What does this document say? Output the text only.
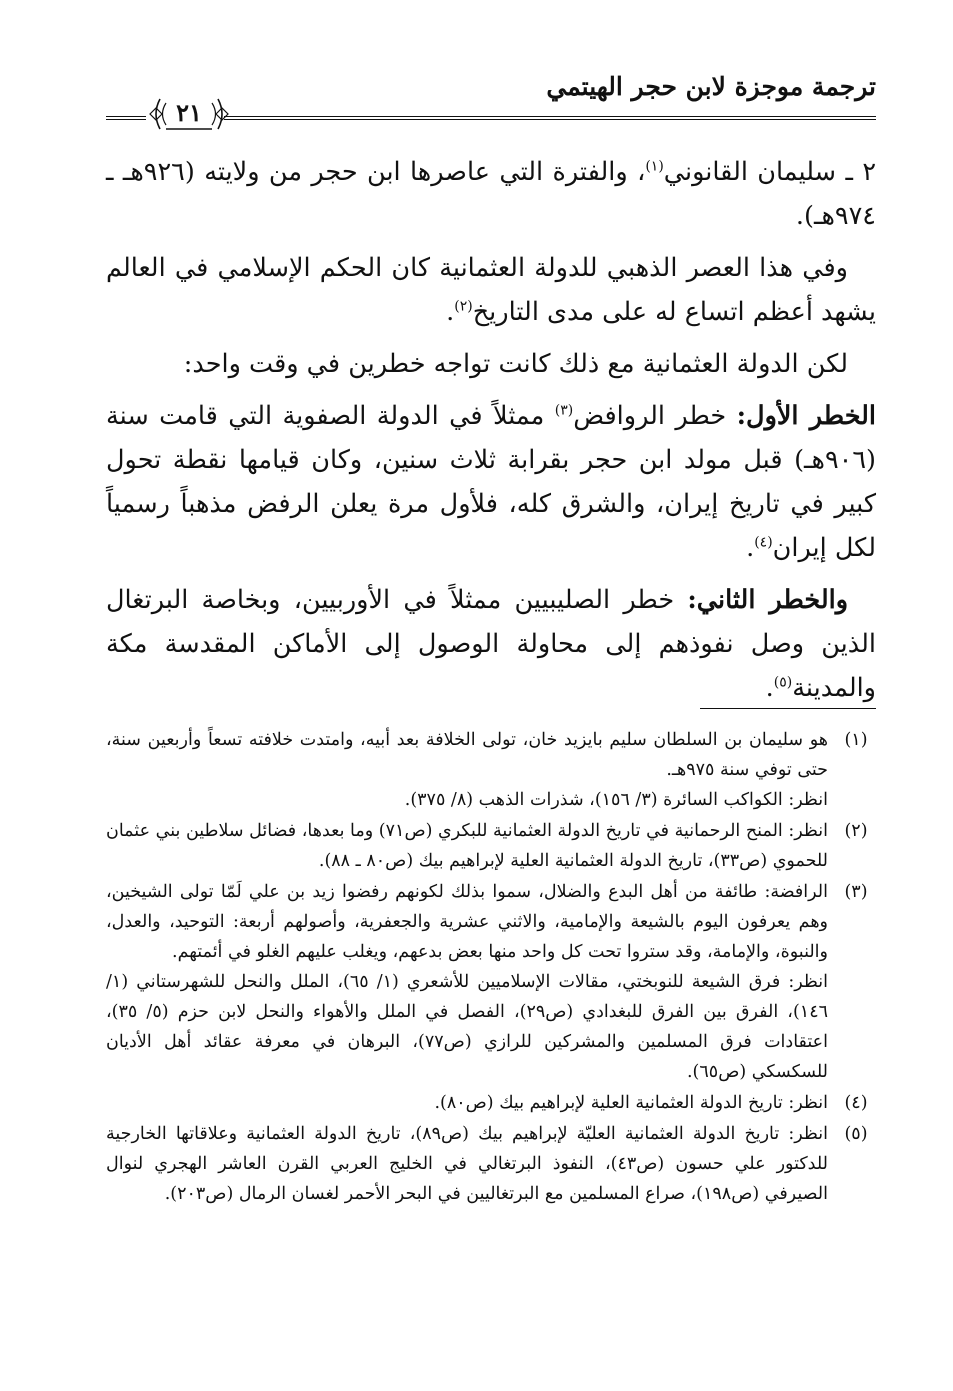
ترجمة موجزة لابن حجر الهيتمي
٢١

٢ ـ سليمان القانوني$^{(١)}$، والفترة التي عاصرها ابن حجر من ولايته (٩٢٦هـ ـ ٩٧٤هـ).

وفي هذا العصر الذهبي للدولة العثمانية كان الحكم الإسلامي في العالم يشهد أعظم اتساع له على مدى التاريخ$^{(٢)}$.

لكن الدولة العثمانية مع ذلك كانت تواجه خطرين في وقت واحد:

الخطر الأول: خطر الروافض$^{(٣)}$ ممثلاً في الدولة الصفوية التي قامت سنة (٩٠٦هـ) قبل مولد ابن حجر بقرابة ثلاث سنين، وكان قيامها نقطة تحول كبير في تاريخ إيران، والشرق كله، فلأول مرة يعلن الرفض مذهباً رسمياً لكل إيران$^{(٤)}$.

والخطر الثاني: خطر الصليبيين ممثلاً في الأوربيين، وبخاصة البرتغال الذين وصل نفوذهم إلى محاولة الوصول إلى الأماكن المقدسة مكة والمدينة$^{(٥)}$.

(١)
هو سليمان بن السلطان سليم بايزيد خان، تولى الخلافة بعد أبيه، وامتدت خلافته تسعاً وأربعين سنة، حتى توفي سنة ٩٧٥هـ.
انظر: الكواكب السائرة (٣/ ١٥٦)، شذرات الذهب (٨/ ٣٧٥).
(٢)
انظر: المنح الرحمانية في تاريخ الدولة العثمانية للبكري (ص٧١) وما بعدها، فضائل سلاطين بني عثمان للحموي (ص٣٣)، تاريخ الدولة العثمانية العلية لإبراهيم بيك (ص٨٠ ـ ٨٨).
(٣)
الرافضة: طائفة من أهل البدع والضلال، سموا بذلك لكونهم رفضوا زيد بن علي لَمّا تولى الشيخين، وهم يعرفون اليوم بالشيعة والإمامية، والاثني عشرية والجعفرية، وأصولهم أربعة: التوحيد، والعدل، والنبوة، والإمامة، وقد ستروا تحت كل واحد منها بعض بدعهم، ويغلب عليهم الغلو في أئمتهم.
انظر: فرق الشيعة للنوبختي، مقالات الإسلاميين للأشعري (١/ ٦٥)، الملل والنحل للشهرستاني (١/ ١٤٦)، الفرق بين الفرق للبغدادي (ص٢٩)، الفصل في الملل والأهواء والنحل لابن حزم (٥/ ٣٥)، اعتقادات فرق المسلمين والمشركين للرازي (ص٧٧)، البرهان في معرفة عقائد أهل الأديان للسكسكي (ص٦٥).
(٤)
انظر: تاريخ الدولة العثمانية العلية لإبراهيم بيك (ص٨٠).
(٥)
انظر: تاريخ الدولة العثمانية العليّة لإبراهيم بيك (ص٨٩)، تاريخ الدولة العثمانية وعلاقاتها الخارجية للدكتور علي حسون (ص٤٣)، النفوذ البرتغالي في الخليج العربي القرن العاشر الهجري لنوال الصيرفي (ص١٩٨)، صراع المسلمين مع البرتغاليين في البحر الأحمر لغسان الرمال (ص٢٠٣).
